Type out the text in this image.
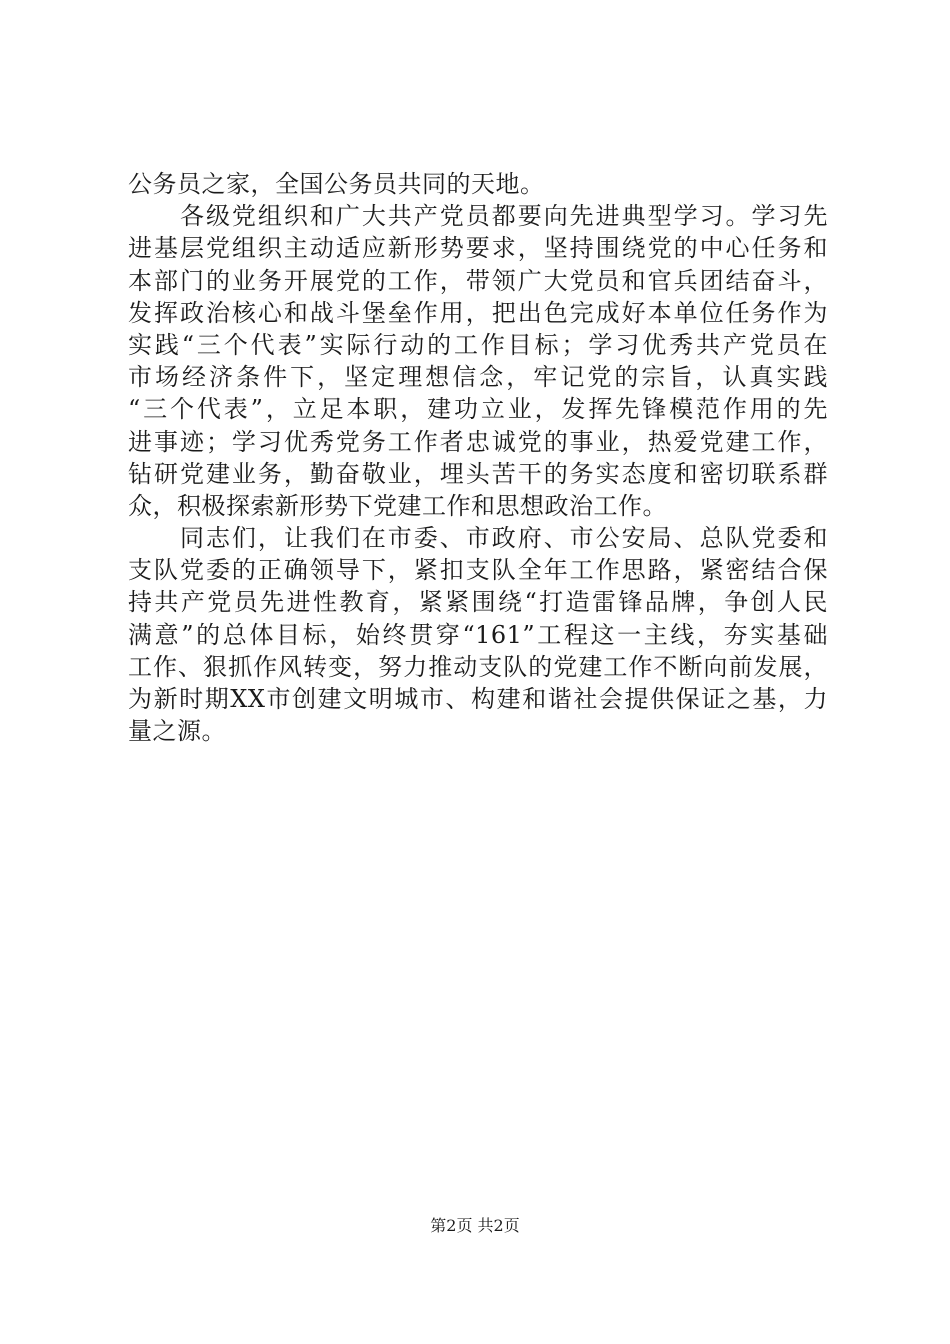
公务员之家，全国公务员共同的天地。
　　各级党组织和广大共产党员都要向先进典型学习。学习先
进基层党组织主动适应新形势要求，坚持围绕党的中心任务和
本部门的业务开展党的工作，带领广大党员和官兵团结奋斗，
发挥政治核心和战斗堡垒作用，把出色完成好本单位任务作为
实践“三个代表”实际行动的工作目标；学习优秀共产党员在
市场经济条件下，坚定理想信念，牢记党的宗旨，认真实践
“三个代表”，立足本职，建功立业，发挥先锋模范作用的先
进事迹；学习优秀党务工作者忠诚党的事业，热爱党建工作，
钻研党建业务，勤奋敬业，埋头苦干的务实态度和密切联系群
众，积极探索新形势下党建工作和思想政治工作。
　　同志们，让我们在市委、市政府、市公安局、总队党委和
支队党委的正确领导下，紧扣支队全年工作思路，紧密结合保
持共产党员先进性教育，紧紧围绕“打造雷锋品牌，争创人民
满意”的总体目标，始终贯穿“161”工程这一主线，夯实基础
工作、狠抓作风转变，努力推动支队的党建工作不断向前发展，
为新时期XX市创建文明城市、构建和谐社会提供保证之基，力
量之源。
第2页 共2页
